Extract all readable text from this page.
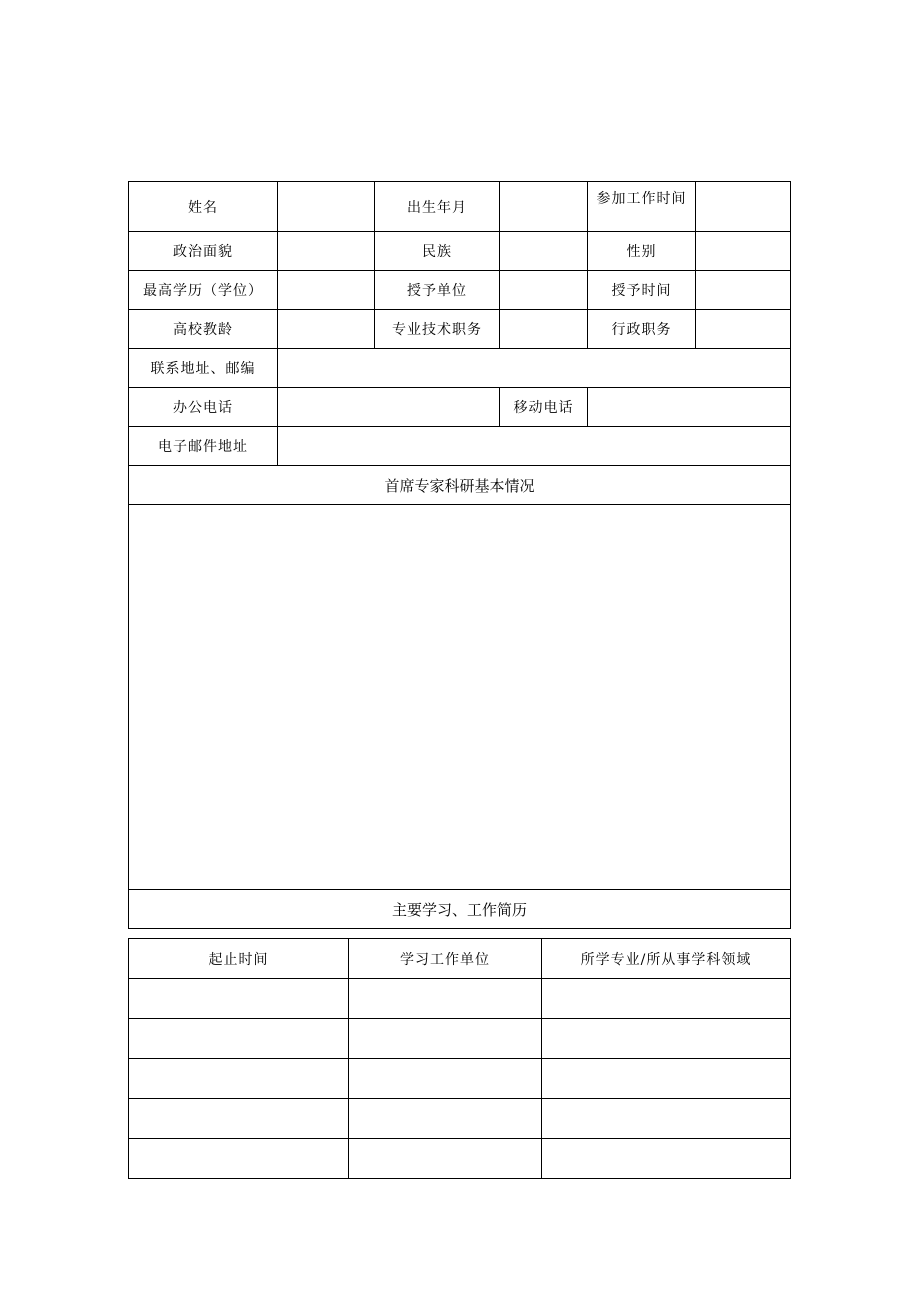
姓名		出生年月		参加工作时间	
政治面貌		民族		性别	
最高学历（学位）		授予单位		授予时间	
高校教龄		专业技术职务		行政职务	
联系地址、邮编					
办公电话			移动电话		
电子邮件地址					
首席专家科研基本情况					

主要学习、工作简历					
起止时间	学习工作单位	所学专业/所从事学科领域
